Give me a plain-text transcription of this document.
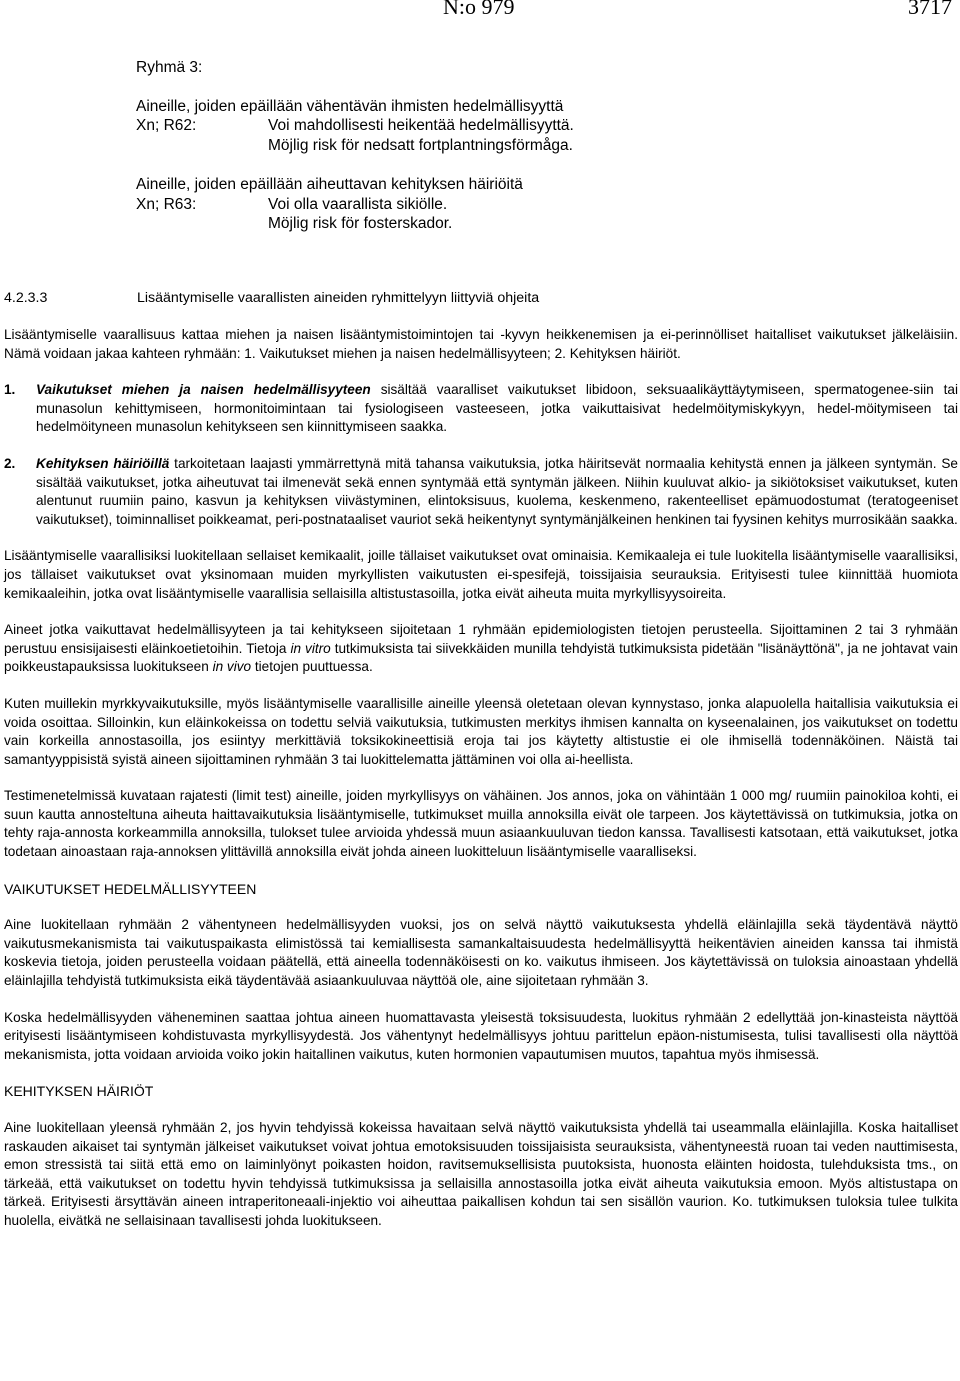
N:o 979	3717

Ryhmä 3:

Aineille, joiden epäillään vähentävän ihmisten hedelmällisyyttä

Xn; R62:	Voi mahdollisesti heikentää hedelmällisyyttä.

Möjlig risk för nedsatt fortplantningsförmåga.

Aineille, joiden epäillään aiheuttavan kehityksen häiriöitä

Xn; R63:	Voi olla vaarallista sikiölle.

Möjlig risk för fosterskador.

4.2.3.3	Lisääntymiselle vaarallisten aineiden ryhmittelyyn liittyviä ohjeita

Lisääntymiselle vaarallisuus kattaa miehen ja naisen lisääntymistoimintojen tai -kyvyn heikkenemisen ja ei-perinnölliset haitalliset vaikutukset jälkeläisiin. Nämä voidaan jakaa kahteen ryhmään: 1. Vaikutukset miehen ja naisen hedelmällisyyteen; 2. Kehityksen häiriöt.

1. Vaikutukset miehen ja naisen hedelmällisyyteen sisältää vaaralliset vaikutukset libidoon, seksuaalikäyttäytymiseen, spermatogenee-siin tai munasolun kehittymiseen, hormonitoimintaan tai fysiologiseen vasteeseen, jotka vaikuttaisivat hedelmöitymiskykyyn, hedel-möitymiseen tai hedelmöityneen munasolun kehitykseen sen kiinnittymiseen saakka.

2. Kehityksen häiriöillä tarkoitetaan laajasti ymmärrettynä mitä tahansa vaikutuksia, jotka häiritsevät normaalia kehitystä ennen ja jälkeen syntymän. Se sisältää vaikutukset, jotka aiheutuvat tai ilmenevät sekä ennen syntymää että syntymän jälkeen. Niihin kuuluvat alkio- ja sikiötoksiset vaikutukset, kuten alentunut ruumiin paino, kasvun ja kehityksen viivästyminen, elintoksisuus, kuolema, keskenmeno, rakenteelliset epämuodostumat (teratogeeniset vaikutukset), toiminnalliset poikkeamat, peri-postnataaliset vauriot sekä heikentynyt syntymänjälkeinen henkinen tai fyysinen kehitys murrosikään saakka.

Lisääntymiselle vaarallisiksi luokitellaan sellaiset kemikaalit, joille tällaiset vaikutukset ovat ominaisia. Kemikaaleja ei tule luokitella lisääntymiselle vaarallisiksi, jos tällaiset vaikutukset ovat yksinomaan muiden myrkyllisten vaikutusten ei-spesifejä, toissijaisia seurauksia. Erityisesti tulee kiinnittää huomiota kemikaaleihin, jotka ovat lisääntymiselle vaarallisia sellaisilla altistustasoilla, jotka eivät aiheuta muita myrkyllisyysoireita.

Aineet jotka vaikuttavat hedelmällisyyteen ja tai kehitykseen sijoitetaan 1 ryhmään epidemiologisten tietojen perusteella. Sijoittaminen 2 tai 3 ryhmään perustuu ensisijaisesti eläinkoetietoihin. Tietoja in vitro tutkimuksista tai siivekkäiden munilla tehdyistä tutkimuksista pidetään "lisänäyttönä", ja ne johtavat vain poikkeustapauksissa luokitukseen in vivo tietojen puuttuessa.

Kuten muillekin myrkkyvaikutuksille, myös lisääntymiselle vaarallisille aineille yleensä oletetaan olevan kynnystaso, jonka alapuolella haitallisia vaikutuksia ei voida osoittaa. Silloinkin, kun eläinkokeissa on todettu selviä vaikutuksia, tutkimusten merkitys ihmisen kannalta on kyseenalainen, jos vaikutukset on todettu vain korkeilla annostasoilla, jos esiintyy merkittäviä toksikokineettisiä eroja tai jos käytetty altistustie ei ole ihmisellä todennäköinen. Näistä tai samantyyppisistä syistä aineen sijoittaminen ryhmään 3 tai luokittelematta jättäminen voi olla ai-heellista.

Testimenetelmissä kuvataan rajatesti (limit test) aineille, joiden myrkyllisyys on vähäinen. Jos annos, joka on vähintään 1 000 mg/ ruumiin painokiloa kohti, ei suun kautta annosteltuna aiheuta haittavaikutuksia lisääntymiselle, tutkimukset muilla annoksilla eivät ole tarpeen. Jos käytettävissä on tutkimuksia, jotka on tehty raja-annosta korkeammilla annoksilla, tulokset tulee arvioida yhdessä muun asiaankuuluvan tiedon kanssa. Tavallisesti katsotaan, että vaikutukset, jotka todetaan ainoastaan raja-annoksen ylittävillä annoksilla eivät johda aineen luokitteluun lisääntymiselle vaaralliseksi.

VAIKUTUKSET HEDELMÄLLISYYTEEN

Aine luokitellaan ryhmään 2 vähentyneen hedelmällisyyden vuoksi, jos on selvä näyttö vaikutuksesta yhdellä eläinlajilla sekä täydentävä näyttö vaikutusmekanismista tai vaikutuspaikasta elimistössä tai kemiallisesta samankaltaisuudesta hedelmällisyyttä heikentävien aineiden kanssa tai ihmistä koskevia tietoja, joiden perusteella voidaan päätellä, että aineella todennäköisesti on ko. vaikutus ihmiseen. Jos käytettävissä on tuloksia ainoastaan yhdellä eläinlajilla tehdyistä tutkimuksista eikä täydentävää asiaankuuluvaa näyttöä ole, aine sijoitetaan ryhmään 3.

Koska hedelmällisyyden väheneminen saattaa johtua aineen huomattavasta yleisestä toksisuudesta, luokitus ryhmään 2 edellyttää jon-kinasteista näyttöä erityisesti lisääntymiseen kohdistuvasta myrkyllisyydestä. Jos vähentynyt hedelmällisyys johtuu parittelun epäon-nistumisesta, tulisi tavallisesti olla näyttöä mekanismista, jotta voidaan arvioida voiko jokin haitallinen vaikutus, kuten hormonien vapautumisen muutos, tapahtua myös ihmisessä.

KEHITYKSEN HÄIRIÖT

Aine luokitellaan yleensä ryhmään 2, jos hyvin tehdyissä kokeissa havaitaan selvä näyttö vaikutuksista yhdellä tai useammalla eläinlajilla. Koska haitalliset raskauden aikaiset tai syntymän jälkeiset vaikutukset voivat johtua emotoksisuuden toissijaisista seurauksista, vähentyneestä ruoan tai veden nauttimisesta, emon stressistä tai siitä että emo on laiminlyönyt poikasten hoidon, ravitsemuksellisista puutoksista, huonosta eläinten hoidosta, tulehduksista tms., on tärkeää, että vaikutukset on todettu hyvin tehdyissä tutkimuksissa ja sellaisilla annostasoilla jotka eivät aiheuta vaikutuksia emoon. Myös altistustapa on tärkeä. Erityisesti ärsyttävän aineen intraperitoneaali-injektio voi aiheuttaa paikallisen kohdun tai sen sisällön vaurion. Ko. tutkimuksen tuloksia tulee tulkita huolella, eivätkä ne sellaisinaan tavallisesti johda luokitukseen.
